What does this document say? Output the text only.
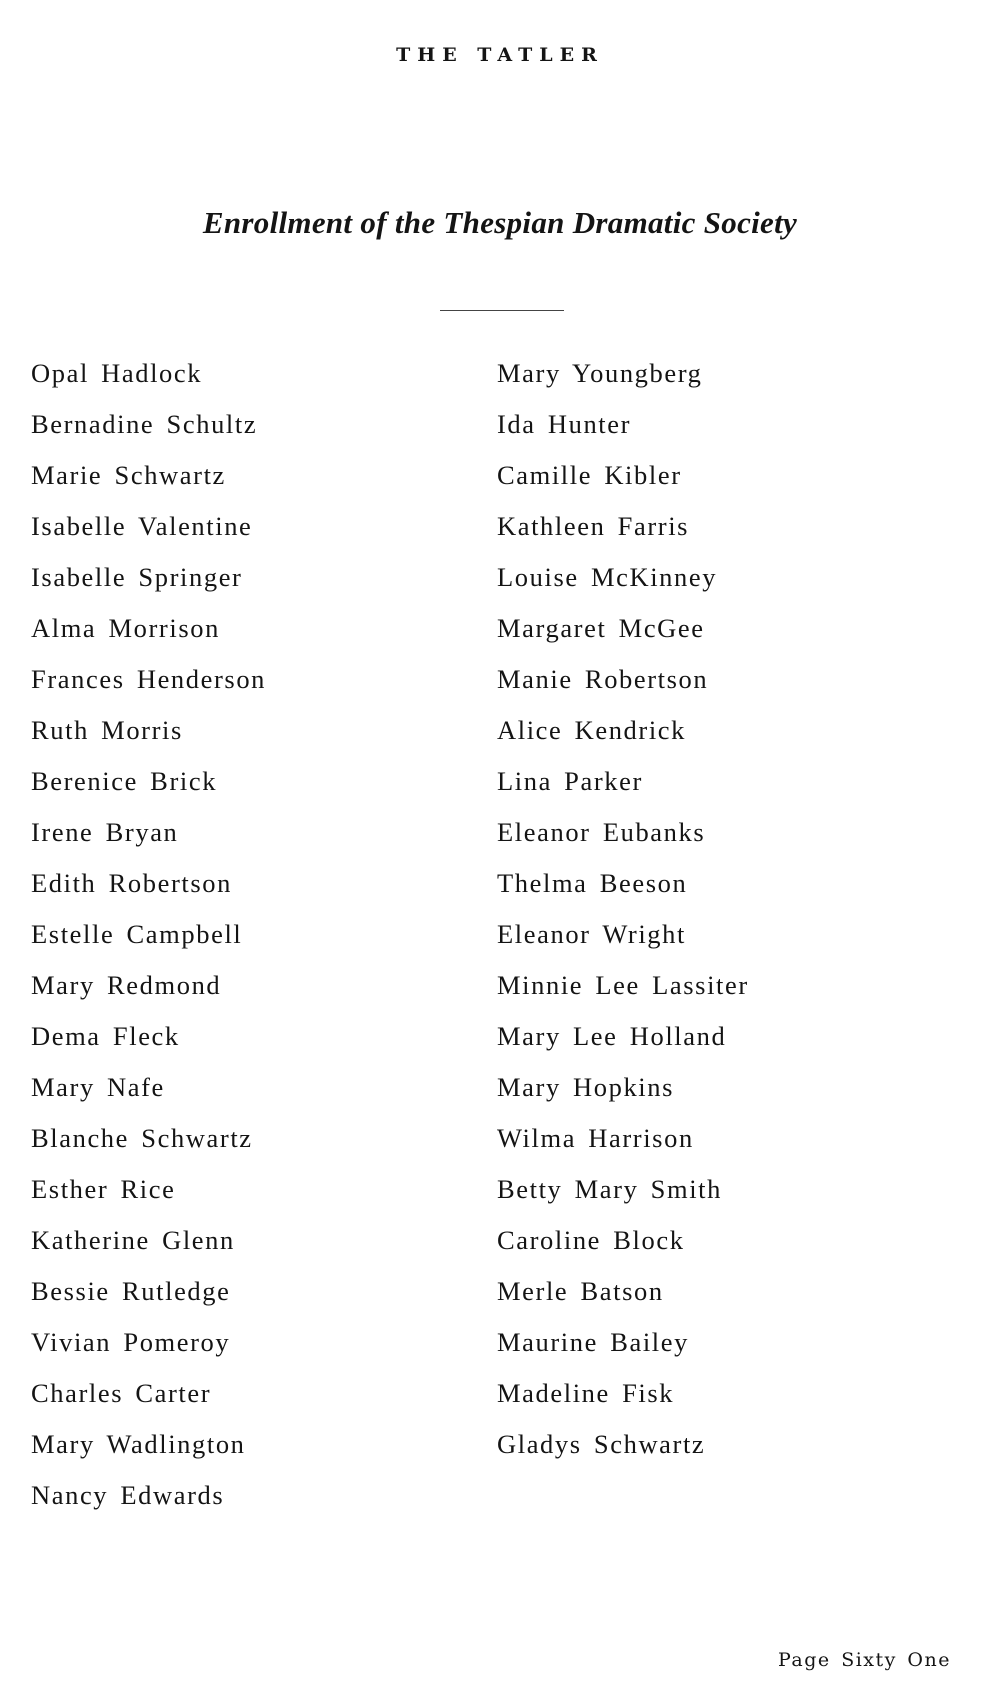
THE TATLER
Enrollment of the Thespian Dramatic Society
Opal Hadlock
Bernadine Schultz
Marie Schwartz
Isabelle Valentine
Isabelle Springer
Alma Morrison
Frances Henderson
Ruth Morris
Berenice Brick
Irene Bryan
Edith Robertson
Estelle Campbell
Mary Redmond
Dema Fleck
Mary Nafe
Blanche Schwartz
Esther Rice
Katherine Glenn
Bessie Rutledge
Vivian Pomeroy
Charles Carter
Mary Wadlington
Nancy Edwards
Mary Youngberg
Ida Hunter
Camille Kibler
Kathleen Farris
Louise McKinney
Margaret McGee
Manie Robertson
Alice Kendrick
Lina Parker
Eleanor Eubanks
Thelma Beeson
Eleanor Wright
Minnie Lee Lassiter
Mary Lee Holland
Mary Hopkins
Wilma Harrison
Betty Mary Smith
Caroline Block
Merle Batson
Maurine Bailey
Madeline Fisk
Gladys Schwartz
Page Sixty One
